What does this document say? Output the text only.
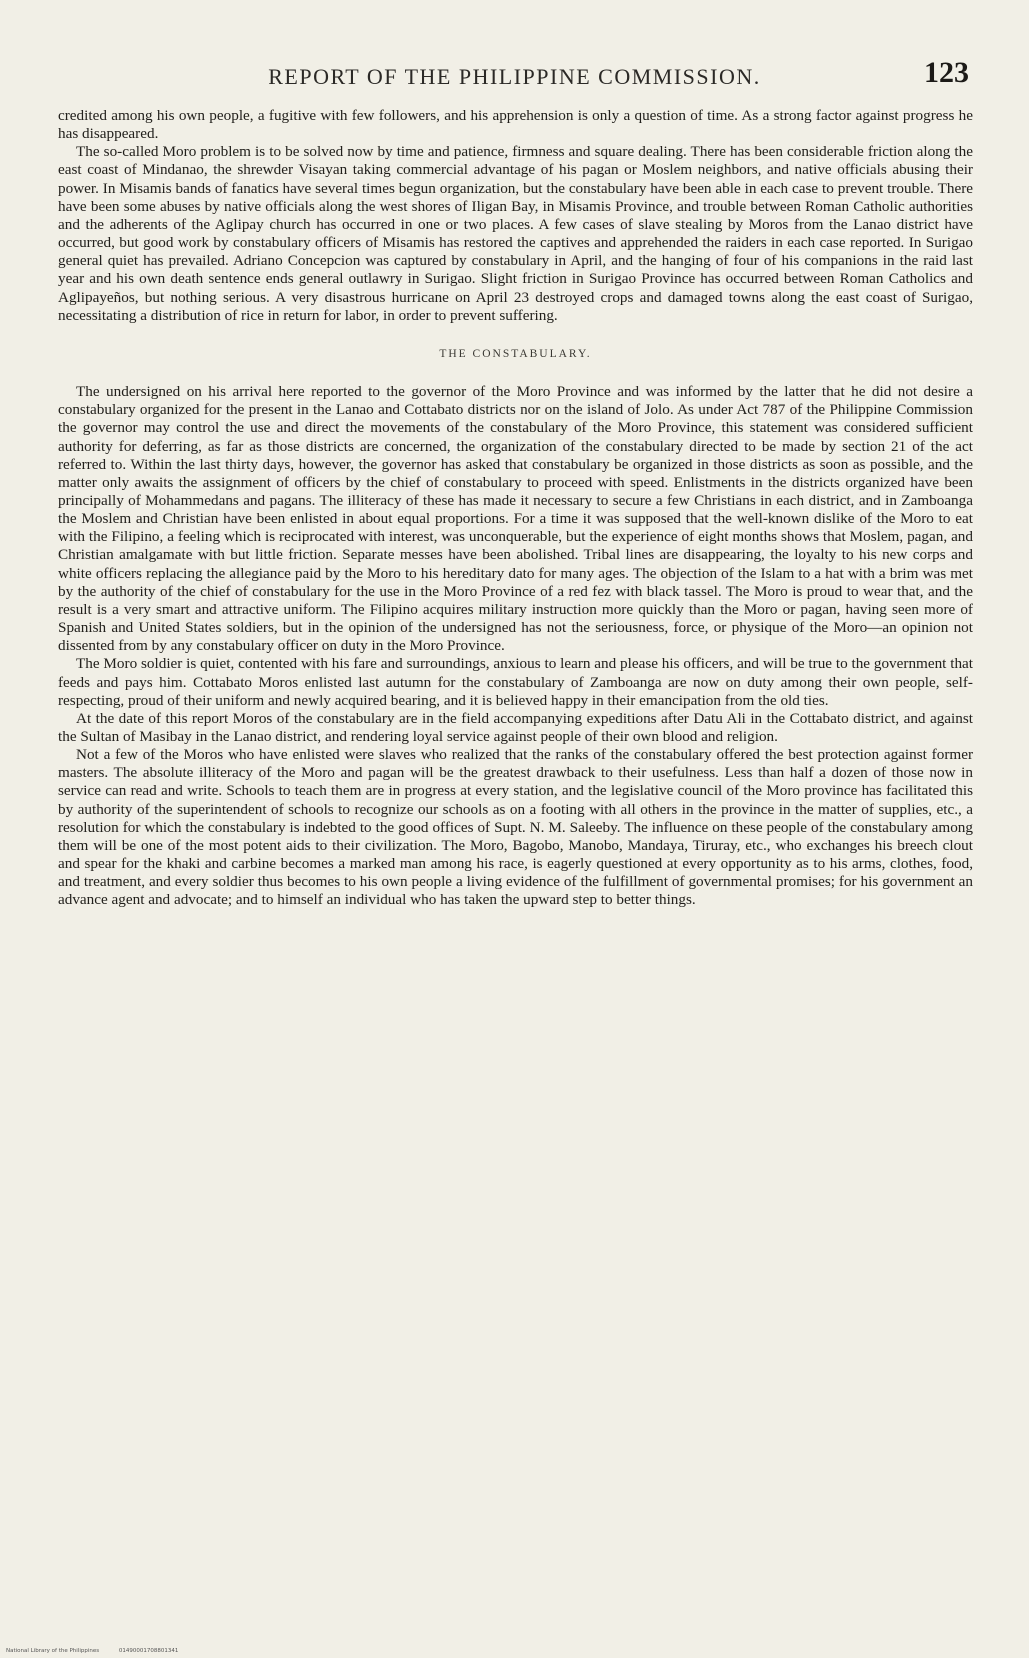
REPORT OF THE PHILIPPINE COMMISSION.	123

credited among his own people, a fugitive with few followers, and his apprehension is only a question of time. As a strong factor against progress he has disappeared.

The so-called Moro problem is to be solved now by time and patience, firmness and square dealing. There has been considerable friction along the east coast of Mindanao, the shrewder Visayan taking commercial advantage of his pagan or Moslem neighbors, and native officials abusing their power. In Misamis bands of fanatics have several times begun organization, but the constabulary have been able in each case to prevent trouble. There have been some abuses by native officials along the west shores of Iligan Bay, in Misamis Province, and trouble between Roman Catholic authorities and the adherents of the Aglipay church has occurred in one or two places. A few cases of slave stealing by Moros from the Lanao district have occurred, but good work by constabulary officers of Misamis has restored the captives and apprehended the raiders in each case reported. In Surigao general quiet has prevailed. Adriano Concepcion was captured by constabulary in April, and the hanging of four of his companions in the raid last year and his own death sentence ends general outlawry in Surigao. Slight friction in Surigao Province has occurred between Roman Catholics and Aglipayeños, but nothing serious. A very disastrous hurricane on April 23 destroyed crops and damaged towns along the east coast of Surigao, necessitating a distribution of rice in return for labor, in order to prevent suffering.

THE CONSTABULARY.

The undersigned on his arrival here reported to the governor of the Moro Province and was informed by the latter that he did not desire a constabulary organized for the present in the Lanao and Cottabato districts nor on the island of Jolo. As under Act 787 of the Philippine Commission the governor may control the use and direct the movements of the constabulary of the Moro Province, this statement was considered sufficient authority for deferring, as far as those districts are concerned, the organization of the constabulary directed to be made by section 21 of the act referred to. Within the last thirty days, however, the governor has asked that constabulary be organized in those districts as soon as possible, and the matter only awaits the assignment of officers by the chief of constabulary to proceed with speed. Enlistments in the districts organized have been principally of Mohammedans and pagans. The illiteracy of these has made it necessary to secure a few Christians in each district, and in Zamboanga the Moslem and Christian have been enlisted in about equal proportions. For a time it was supposed that the well-known dislike of the Moro to eat with the Filipino, a feeling which is reciprocated with interest, was unconquerable, but the experience of eight months shows that Moslem, pagan, and Christian amalgamate with but little friction. Separate messes have been abolished. Tribal lines are disappearing, the loyalty to his new corps and white officers replacing the allegiance paid by the Moro to his hereditary dato for many ages. The objection of the Islam to a hat with a brim was met by the authority of the chief of constabulary for the use in the Moro Province of a red fez with black tassel. The Moro is proud to wear that, and the result is a very smart and attractive uniform. The Filipino acquires military instruction more quickly than the Moro or pagan, having seen more of Spanish and United States soldiers, but in the opinion of the undersigned has not the seriousness, force, or physique of the Moro—an opinion not dissented from by any constabulary officer on duty in the Moro Province.

The Moro soldier is quiet, contented with his fare and surroundings, anxious to learn and please his officers, and will be true to the government that feeds and pays him. Cottabato Moros enlisted last autumn for the constabulary of Zamboanga are now on duty among their own people, self-respecting, proud of their uniform and newly acquired bearing, and it is believed happy in their emancipation from the old ties.

At the date of this report Moros of the constabulary are in the field accompanying expeditions after Datu Ali in the Cottabato district, and against the Sultan of Masibay in the Lanao district, and rendering loyal service against people of their own blood and religion.

Not a few of the Moros who have enlisted were slaves who realized that the ranks of the constabulary offered the best protection against former masters. The absolute illiteracy of the Moro and pagan will be the greatest drawback to their usefulness. Less than half a dozen of those now in service can read and write. Schools to teach them are in progress at every station, and the legislative council of the Moro province has facilitated this by authority of the superintendent of schools to recognize our schools as on a footing with all others in the province in the matter of supplies, etc., a resolution for which the constabulary is indebted to the good offices of Supt. N. M. Saleeby. The influence on these people of the constabulary among them will be one of the most potent aids to their civilization. The Moro, Bagobo, Manobo, Mandaya, Tiruray, etc., who exchanges his breech clout and spear for the khaki and carbine becomes a marked man among his race, is eagerly questioned at every opportunity as to his arms, clothes, food, and treatment, and every soldier thus becomes to his own people a living evidence of the fulfillment of governmental promises; for his government an advance agent and advocate; and to himself an individual who has taken the upward step to better things.

National Library of the Philippines	01490001708801341
